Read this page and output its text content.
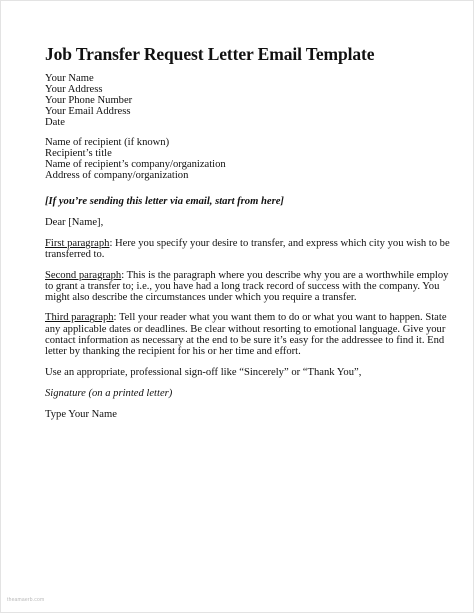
Job Transfer Request Letter Email Template
Your Name
Your Address
Your Phone Number
Your Email Address
Date
Name of recipient (if known)
Recipient’s title
Name of recipient’s company/organization
Address of company/organization
[If you’re sending this letter via email, start from here]
Dear [Name],
First paragraph: Here you specify your desire to transfer, and express which city you wish to be transferred to.
Second paragraph: This is the paragraph where you describe why you are a worthwhile employ to grant a transfer to; i.e., you have had a long track record of success with the company. You might also describe the circumstances under which you require a transfer.
Third paragraph: Tell your reader what you want them to do or what you want to happen. State any applicable dates or deadlines. Be clear without resorting to emotional language. Give your contact information as necessary at the end to be sure it’s easy for the addressee to find it. End letter by thanking the recipient for his or her time and effort.
Use an appropriate, professional sign-off like “Sincerely” or “Thank You”,
Signature (on a printed letter)
Type Your Name
theamaerb.com
